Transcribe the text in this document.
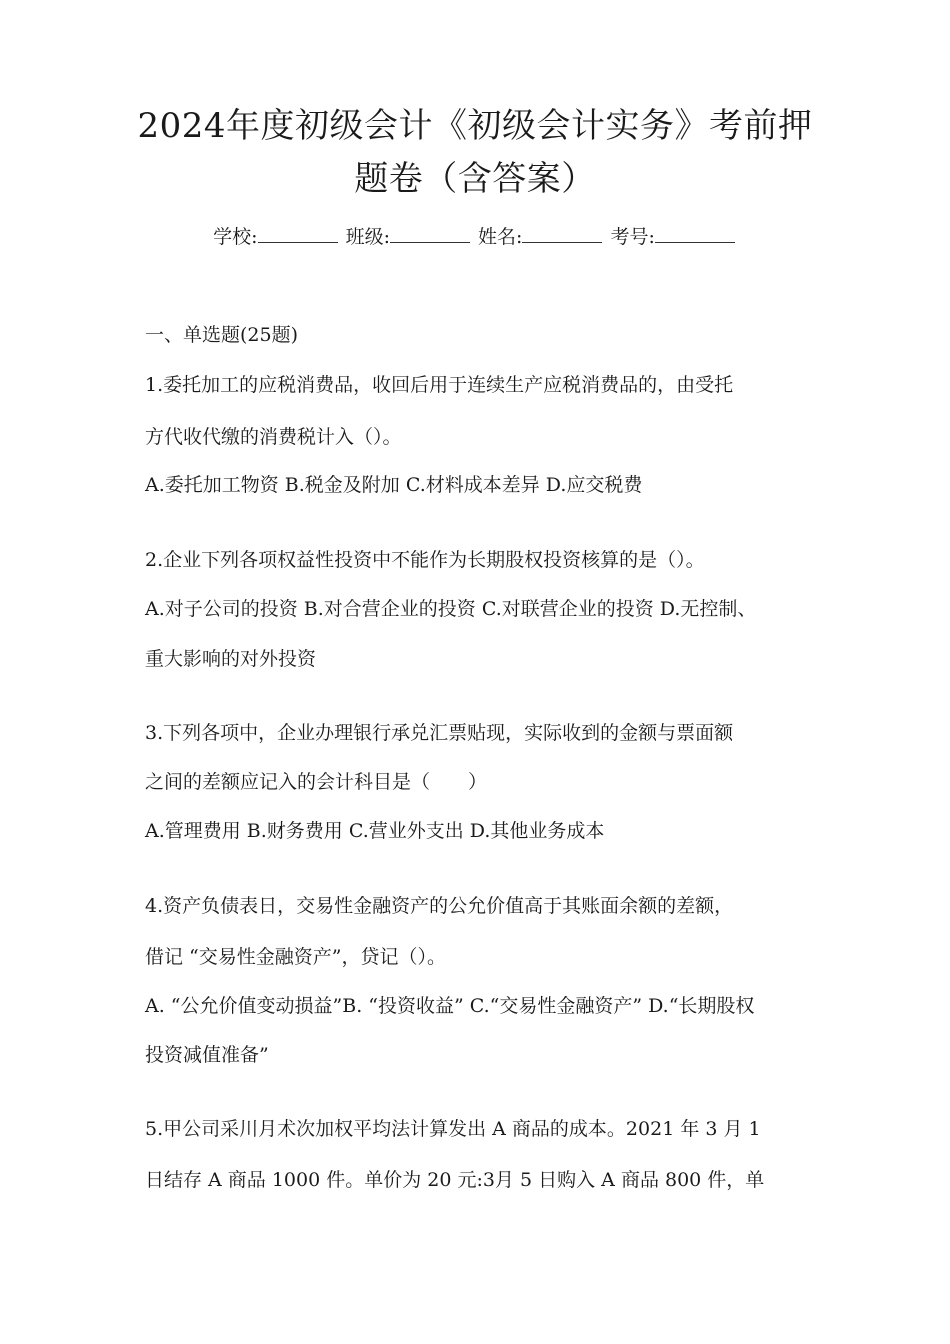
2024年度初级会计《初级会计实务》考前押
题卷（含答案）
学校:	班级:	姓名:	考号:
一、单选题(25题)
1.委托加工的应税消费品，收回后用于连续生产应税消费品的，由受托
方代收代缴的消费税计入（）。
A.委托加工物资 B.税金及附加 C.材料成本差异 D.应交税费
2.企业下列各项权益性投资中不能作为长期股权投资核算的是（）。
A.对子公司的投资 B.对合营企业的投资 C.对联营企业的投资 D.无控制、
重大影响的对外投资
3.下列各项中，企业办理银行承兑汇票贴现，实际收到的金额与票面额
之间的差额应记入的会计科目是（　　）
A.管理费用 B.财务费用 C.营业外支出 D.其他业务成本
4.资产负债表日，交易性金融资产的公允价值高于其账面余额的差额，
借记 “交易性金融资产”，贷记（）。
A. “公允价值变动损益”B. “投资收益” C.“交易性金融资产” D.“长期股权
投资减值准备”
5.甲公司采川月术次加权平均法计算发出 A 商品的成本。2021 年 3 月 1
日结存 A 商品 1000 件。单价为 20 元:3月 5 日购入 A 商品 800 件，单
